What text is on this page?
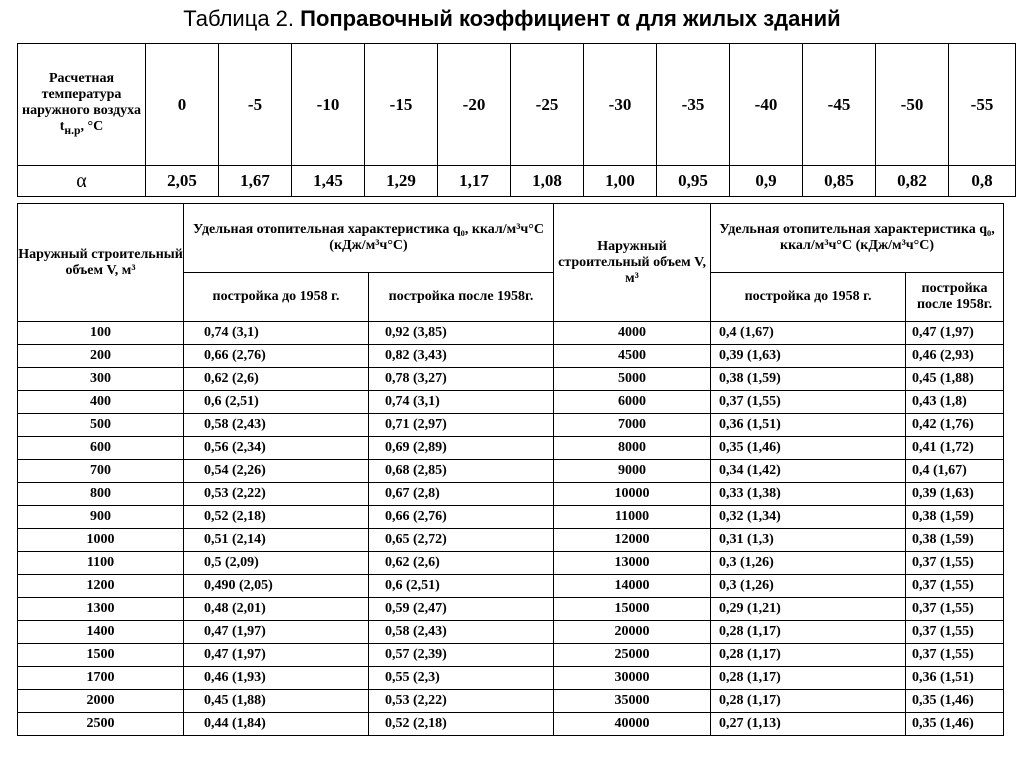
Таблица 2. Поправочный коэффициент α для жилых зданий
Расчетная температура наружного воздуха $t_{н.р}$, °С	0	-5	-10	-15	-20	-25	-30	-35	-40	-45	-50	-55
α	2,05	1,67	1,45	1,29	1,17	1,08	1,00	0,95	0,9	0,85	0,82	0,8
Наружный строительный объем V, м³	Удельная отопительная характеристика q₀, ккал/м³ч°С (кДж/м³ч°С)		Наружный строительный объем V, м³	Удельная отопительная характеристика q₀, ккал/м³ч°С (кДж/м³ч°С)	
	постройка до 1958 г.	постройка после 1958г.		постройка до 1958 г.	постройка после 1958г.
100	0,74 (3,1)	0,92 (3,85)	4000	0,4 (1,67)	0,47 (1,97)
200	0,66 (2,76)	0,82 (3,43)	4500	0,39 (1,63)	0,46 (2,93)
300	0,62 (2,6)	0,78 (3,27)	5000	0,38 (1,59)	0,45 (1,88)
400	0,6 (2,51)	0,74 (3,1)	6000	0,37 (1,55)	0,43 (1,8)
500	0,58 (2,43)	0,71 (2,97)	7000	0,36 (1,51)	0,42 (1,76)
600	0,56 (2,34)	0,69 (2,89)	8000	0,35 (1,46)	0,41 (1,72)
700	0,54 (2,26)	0,68 (2,85)	9000	0,34 (1,42)	0,4 (1,67)
800	0,53 (2,22)	0,67 (2,8)	10000	0,33 (1,38)	0,39 (1,63)
900	0,52 (2,18)	0,66 (2,76)	11000	0,32 (1,34)	0,38 (1,59)
1000	0,51 (2,14)	0,65 (2,72)	12000	0,31 (1,3)	0,38 (1,59)
1100	0,5 (2,09)	0,62 (2,6)	13000	0,3 (1,26)	0,37 (1,55)
1200	0,490 (2,05)	0,6 (2,51)	14000	0,3 (1,26)	0,37 (1,55)
1300	0,48 (2,01)	0,59 (2,47)	15000	0,29 (1,21)	0,37 (1,55)
1400	0,47 (1,97)	0,58 (2,43)	20000	0,28 (1,17)	0,37 (1,55)
1500	0,47 (1,97)	0,57 (2,39)	25000	0,28 (1,17)	0,37 (1,55)
1700	0,46 (1,93)	0,55 (2,3)	30000	0,28 (1,17)	0,36 (1,51)
2000	0,45 (1,88)	0,53 (2,22)	35000	0,28 (1,17)	0,35 (1,46)
2500	0,44 (1,84)	0,52 (2,18)	40000	0,27 (1,13)	0,35 (1,46)
